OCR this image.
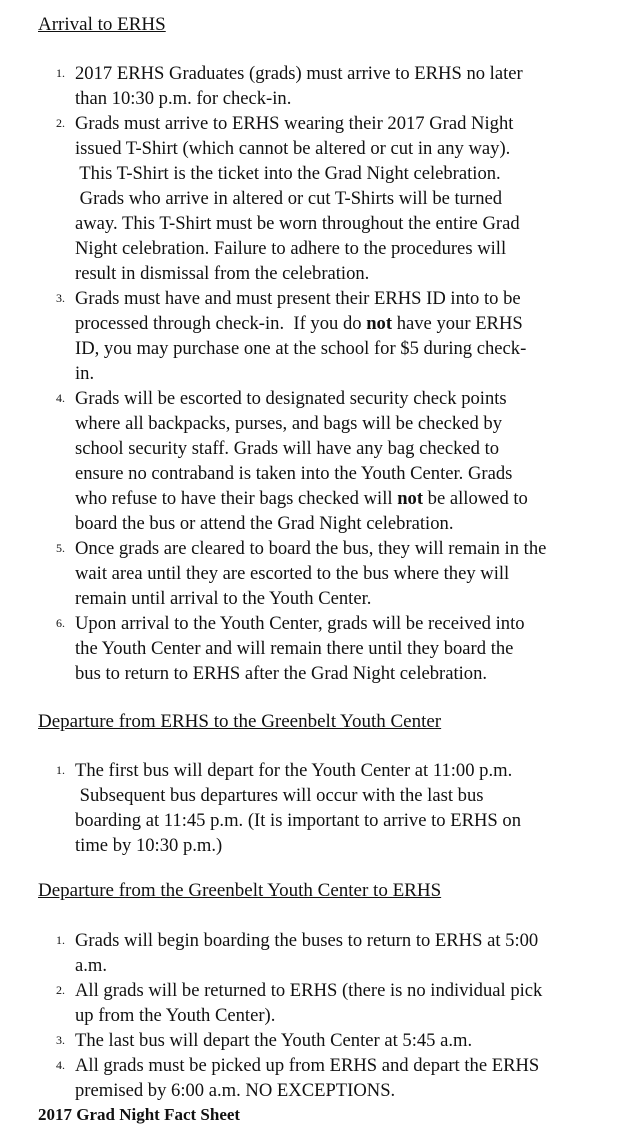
Arrival to ERHS
1. 2017 ERHS Graduates (grads) must arrive to ERHS no later
than 10:30 p.m. for check-in.
2. Grads must arrive to ERHS wearing their 2017 Grad Night
issued T-Shirt (which cannot be altered or cut in any way).
This T-Shirt is the ticket into the Grad Night celebration.
Grads who arrive in altered or cut T-Shirts will be turned
away. This T-Shirt must be worn throughout the entire Grad
Night celebration. Failure to adhere to the procedures will
result in dismissal from the celebration.
3. Grads must have and must present their ERHS ID into to be
processed through check-in.  If you do not have your ERHS
ID, you may purchase one at the school for $5 during check-
in.
4. Grads will be escorted to designated security check points
where all backpacks, purses, and bags will be checked by
school security staff. Grads will have any bag checked to
ensure no contraband is taken into the Youth Center. Grads
who refuse to have their bags checked will not be allowed to
board the bus or attend the Grad Night celebration.
5. Once grads are cleared to board the bus, they will remain in the
wait area until they are escorted to the bus where they will
remain until arrival to the Youth Center.
6. Upon arrival to the Youth Center, grads will be received into
the Youth Center and will remain there until they board the
bus to return to ERHS after the Grad Night celebration.
Departure from ERHS to the Greenbelt Youth Center
1. The first bus will depart for the Youth Center at 11:00 p.m.
Subsequent bus departures will occur with the last bus
boarding at 11:45 p.m. (It is important to arrive to ERHS on
time by 10:30 p.m.)
Departure from the Greenbelt Youth Center to ERHS
1. Grads will begin boarding the buses to return to ERHS at 5:00
a.m.
2. All grads will be returned to ERHS (there is no individual pick
up from the Youth Center).
3. The last bus will depart the Youth Center at 5:45 a.m.
4. All grads must be picked up from ERHS and depart the ERHS
premised by 6:00 a.m. NO EXCEPTIONS.

2017 Grad Night Fact Sheet
